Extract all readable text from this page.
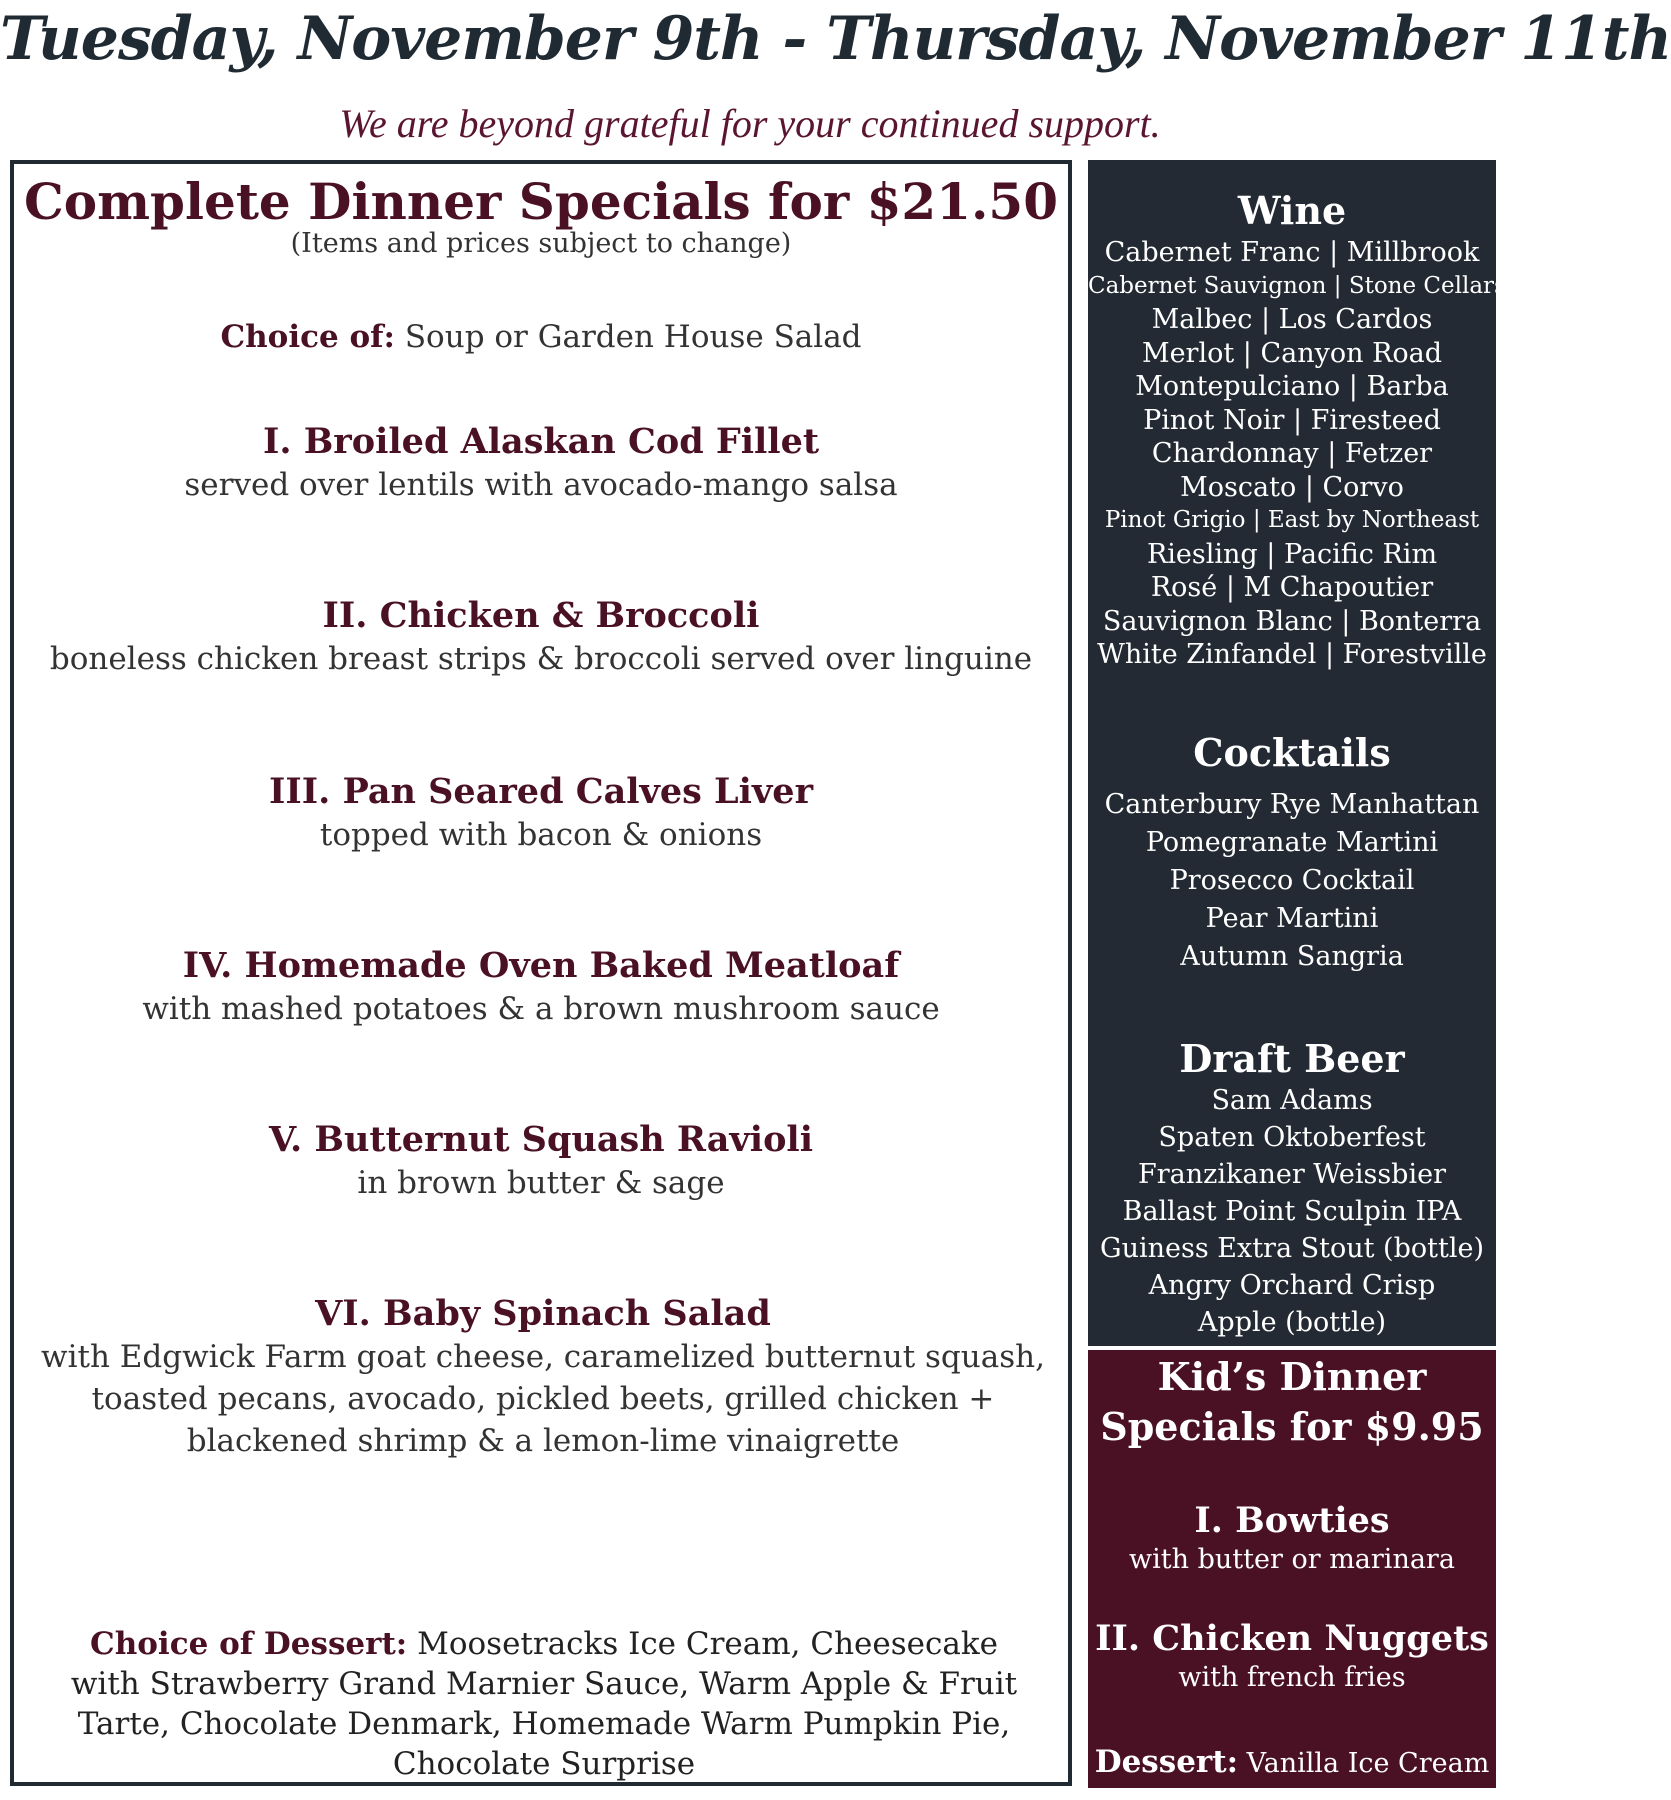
Tuesday, November 9th - Thursday, November 11th
We are beyond grateful for your continued support.
Complete Dinner Specials for $21.50
(Items and prices subject to change)
Choice of: Soup or Garden House Salad
I. Broiled Alaskan Cod Fillet
served over lentils with avocado-mango salsa
II. Chicken & Broccoli
boneless chicken breast strips & broccoli served over linguine
III. Pan Seared Calves Liver
topped with bacon & onions
IV. Homemade Oven Baked Meatloaf
with mashed potatoes & a brown mushroom sauce
V. Butternut Squash Ravioli
in brown butter & sage
VI. Baby Spinach Salad
with Edgwick Farm goat cheese, caramelized butternut squash, toasted pecans, avocado, pickled beets, grilled chicken + blackened shrimp & a lemon-lime vinaigrette
Choice of Dessert: Moosetracks Ice Cream, Cheesecake with Strawberry Grand Marnier Sauce, Warm Apple & Fruit Tarte, Chocolate Denmark, Homemade Warm Pumpkin Pie, Chocolate Surprise
Wine
Cabernet Franc | Millbrook
Cabernet Sauvignon | Stone Cellars
Malbec | Los Cardos
Merlot | Canyon Road
Montepulciano | Barba
Pinot Noir | Firesteed
Chardonnay | Fetzer
Moscato | Corvo
Pinot Grigio | East by Northeast
Riesling | Pacific Rim
Rosé | M Chapoutier
Sauvignon Blanc | Bonterra
White Zinfandel | Forestville
Cocktails
Canterbury Rye Manhattan
Pomegranate Martini
Prosecco Cocktail
Pear Martini
Autumn Sangria
Draft Beer
Sam Adams
Spaten Oktoberfest
Franzikaner Weissbier
Ballast Point Sculpin IPA
Guiness Extra Stout (bottle)
Angry Orchard Crisp Apple (bottle)
Kid’s Dinner Specials for $9.95
I. Bowties
with butter or marinara
II. Chicken Nuggets
with french fries
Dessert: Vanilla Ice Cream
